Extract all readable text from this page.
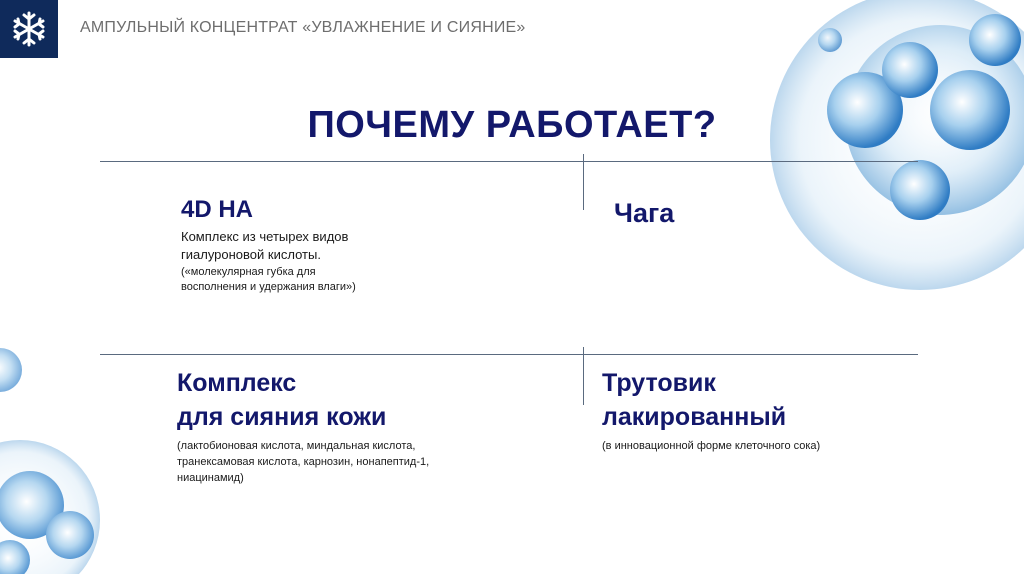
АМПУЛЬНЫЙ КОНЦЕНТРАТ «УВЛАЖНЕНИЕ И СИЯНИЕ»
ПОЧЕМУ РАБОТАЕТ?
4D HA
Комплекс из четырех видов
гиалуроновой кислоты.
(«молекулярная губка для
восполнения и удержания влаги»)
Чага
Комплекс
для сияния кожи
(лактобионовая кислота, миндальная кислота,
транексамовая кислота, карнозин, нонапептид-1,
ниацинамид)
Трутовик
лакированный
(в инновационной форме клеточного сока)
